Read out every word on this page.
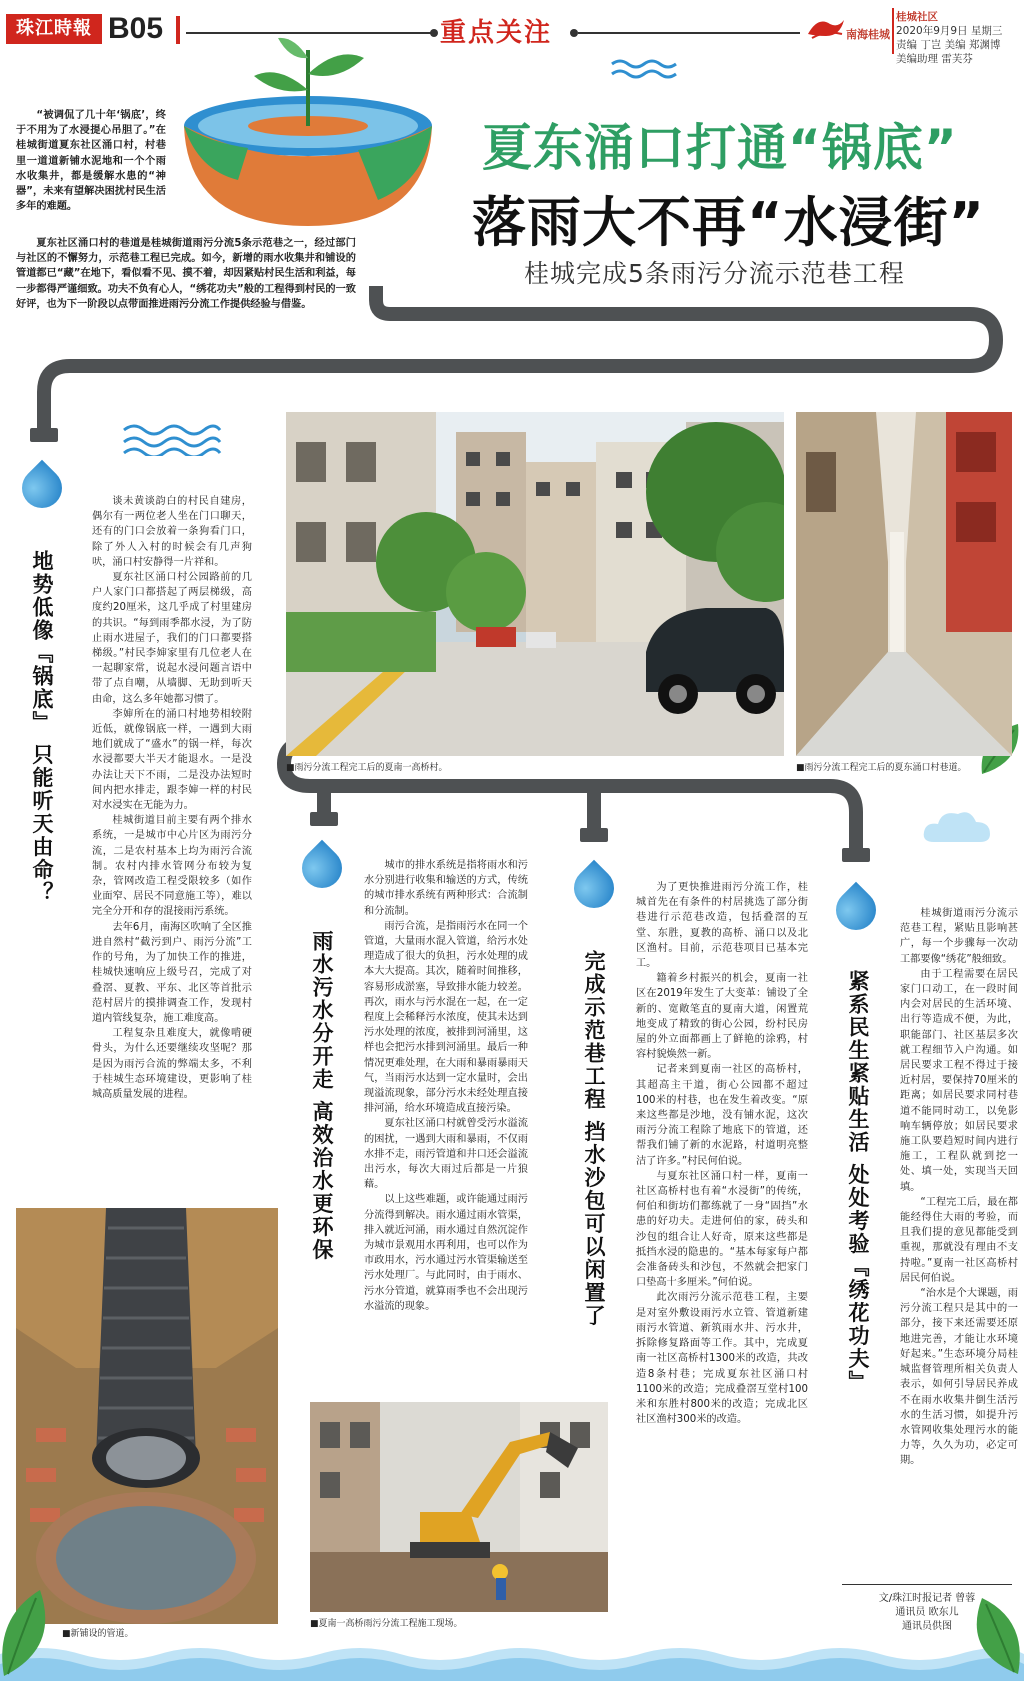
珠江時報 B05	重点关注	南海桂城
桂城社区
2020年9月9日 星期三
责编 丁岂 美编 郑渊博
美编助理 雷芙芬
夏东涌口打通“锅底”
落雨大不再“水浸街”
桂城完成5条雨污分流示范巷工程

“被调侃了几十年‘锅底’，终于不用为了水浸提心吊胆了。”在桂城街道夏东社区涌口村，村巷里一道道新铺水泥地和一个个雨水收集井，都是缓解水患的“神器”，未来有望解决困扰村民生活多年的难题。

夏东社区涌口村的巷道是桂城街道雨污分流5条示范巷之一，经过部门与社区的不懈努力，示范巷工程已完成。如今，新增的雨水收集井和铺设的管道都已“藏”在地下，看似看不见、摸不着，却因紧贴村民生活和利益，每一步都得严谨细致。功夫不负有心人，“绣花功夫”般的工程得到村民的一致好评，也为下一阶段以点带面推进雨污分流工作提供经验与借鉴。

地势低像『锅底』 只能听天由命？
雨水污水分开走 高效治水更环保	完成示范巷工程 挡水沙包可以闲置了	紧系民生紧贴生活 处处考验『绣花功夫』

谈未黄谈韵白的村民自建房，偶尔有一两位老人坐在门口聊天，还有的门口会放着一条狗看门口，除了外人入村的时候会有几声狗吠，涌口村安静得一片祥和。

夏东社区涌口村公园路前的几户人家门口都搭起了两层梯级，高度约20厘米，这几乎成了村里建房的共识。“每到雨季都水浸，为了防止雨水进屋子，我们的门口都要搭梯级。”村民李婶家里有几位老人在一起聊家常，说起水浸问题言语中带了点自嘲，从墙脚、无助到听天由命，这么多年她都习惯了。

李婶所在的涌口村地势相较附近低，就像锅底一样，一遇到大雨地们就成了“盛水”的锅一样，每次水浸都要大半天才能退水。一是没办法让天下不雨，二是没办法短时间内把水排走，跟李婶一样的村民对水浸实在无能为力。

桂城街道目前主要有两个排水系统，一是城市中心片区为雨污分流，二是农村基本上均为雨污合流制。农村内排水管网分布较为复杂，管网改造工程受限较多（如作业面窄、居民不同意施工等），难以完全分开和存的混接雨污系统。

去年6月，南海区吹响了全区推进自然村“截污到户、雨污分流”工作的号角，为了加快工作的推进，桂城快速响应上级号召，完成了对叠滘、夏教、平东、北区等首批示范村居片的摸排调查工作，发现村道内管线复杂，施工难度高。

工程复杂且难度大，就像啃硬骨头，为什么还要继续攻坚呢？那是因为雨污合流的弊端太多，不利于桂城生态环境建设，更影响了桂城高质量发展的进程。

城市的排水系统是指将雨水和污水分别进行收集和输送的方式，传统的城市排水系统有两种形式：合流制和分流制。

雨污合流，是指雨污水在同一个管道，大量雨水混入管道，给污水处理造成了很大的负担，污水处理的成本大大提高。其次，随着时间推移，容易形成淤塞，导致排水能力较差。再次，雨水与污水混在一起，在一定程度上会稀释污水浓度，使其未达到污水处理的浓度，被排到河涌里，这样也会把污水排到河涌里。最后一种情况更难处理，在大雨和暴雨暴雨天气，当雨污水达到一定水量时，会出现溢流现象，部分污水未经处理直接排河涌，给水环境造成直接污染。

夏东社区涌口村就曾受污水溢流的困扰，一遇到大雨和暴雨，不仅雨水排不走，雨污管道和井口还会溢流出污水，每次大雨过后都是一片狼藉。

以上这些难题，或许能通过雨污分流得到解决。雨水通过雨水管渠，排入就近河涌，雨水通过自然沉淀作为城市景观用水再利用，也可以作为市政用水，污水通过污水管渠输送至污水处理厂。与此同时，由于雨水、污水分管道，就算雨季也不会出现污水溢流的现象。

为了更快推进雨污分流工作，桂城首先在有条件的村居挑选了部分街巷进行示范巷改造，包括叠滘的互堂、东胜，夏教的高桥、涌口以及北区渔村。目前，示范巷项目已基本完工。

籍着乡村振兴的机会，夏南一社区在2019年发生了大变革：铺设了全新的、宽敞笔直的夏南大道，闲置荒地变成了精致的街心公园，纷村民房屋的外立面都画上了鲜艳的涂鸦，村容村貌焕然一新。

记者来到夏南一社区的高桥村，其超高主干道，街心公园都不超过100米的村巷，也在发生着改变。“原来这些都是沙地，没有铺水泥，这次雨污分流工程除了地底下的管道，还帮我们铺了新的水泥路，村道明亮整洁了许多。”村民何伯说。

与夏东社区涌口村一样，夏南一社区高桥村也有着“水浸街”的传统，何伯和街坊们都练就了一身“固挡”水患的好功夫。走进何伯的家，砖头和沙包的组合让人好奇，原来这些都是抵挡水浸的隐患的。“基本每家每户都会准备砖头和沙包，不然就会把家门口垫高十多厘米。”何伯说。

此次雨污分流示范巷工程，主要是对室外敷设雨污水立管、管道新建雨污水管道、新筑雨水井、污水井，拆除修复路面等工作。其中，完成夏南一社区高桥村1300米的改造，共改造8条村巷；完成夏东社区涌口村1100米的改造；完成叠滘互堂村100米和东胜村800米的改造；完成北区社区渔村300米的改造。

桂城街道雨污分流示范巷工程，紧贴且影响甚广，每一个步骤每一次动工都要像“绣花”般细致。

由于工程需要在居民家门口动工，在一段时间内会对居民的生活环境、出行等造成不便，为此，职能部门、社区基层多次就工程细节入户沟通。如居民要求工程不得过于接近村居，要保持70厘米的距离；如居民要求同村巷道不能同时动工，以免影响车辆停放；如居民要求施工队要趋短时间内进行施工，工程队就到挖一处、填一处，实现当天回填。

“工程完工后，最在都能经得住大雨的考验，而且我们提的意见都能受到重视，那就没有理由不支持啦。”夏南一社区高桥村居民何伯说。

“治水是个大课题，雨污分流工程只是其中的一部分，接下来还需要还原地进完善，才能让水环境好起来。”生态环境分局桂城监督管理所相关负责人表示，如何引导居民养成不在雨水收集井倒生活污水的生活习惯，如提升污水管网收集处理污水的能力等，久久为功，必定可期。

■雨污分流工程完工后的夏南一高桥村。	■雨污分流工程完工后的夏东涌口村巷道。
■新铺设的管道。
■夏南一高桥雨污分流工程施工现场。
文/珠江时报记者 曾蓉
通讯员 欧东儿
通讯员供图
